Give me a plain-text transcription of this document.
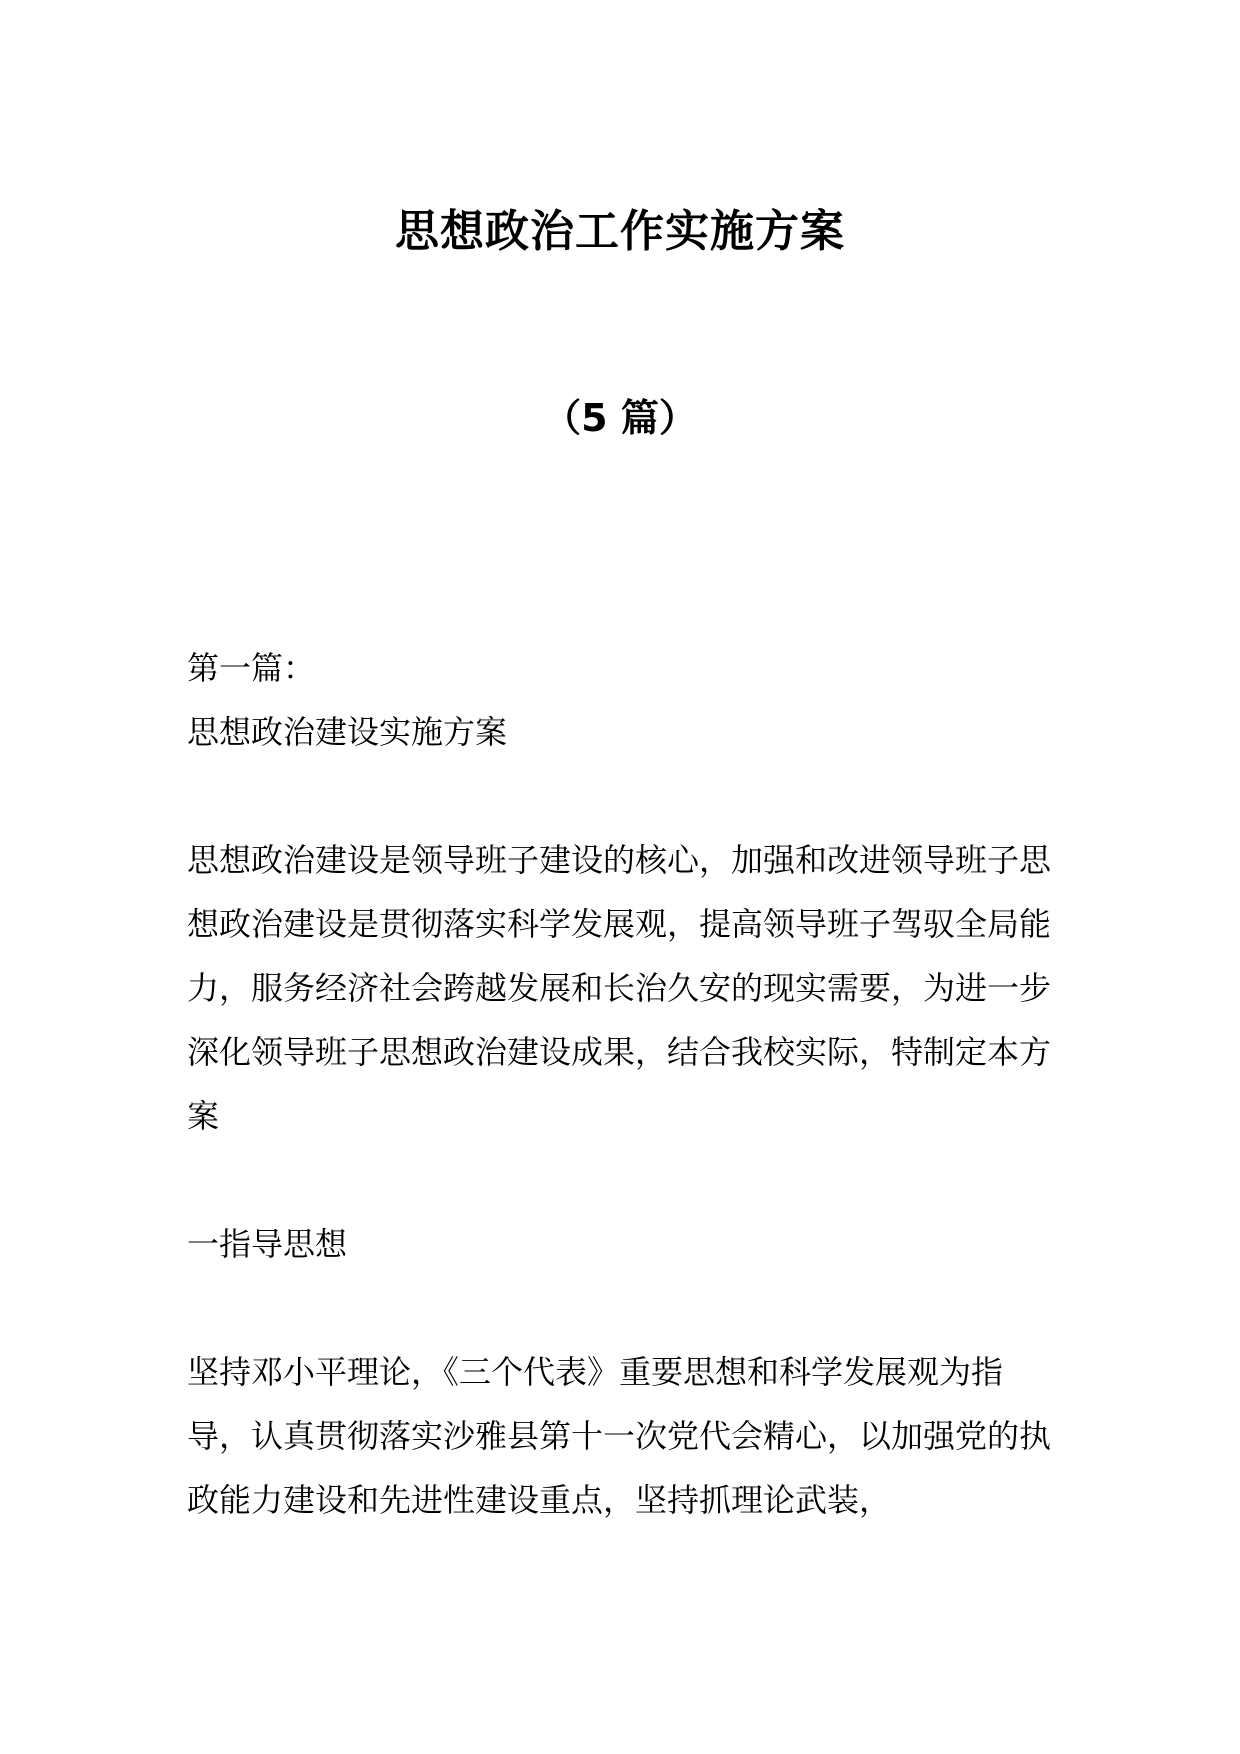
思想政治工作实施方案
（5 篇）
第一篇：
思想政治建设实施方案
思想政治建设是领导班子建设的核心，加强和改进领导班子思想政治建设是贯彻落实科学发展观，提高领导班子驾驭全局能力，服务经济社会跨越发展和长治久安的现实需要，为进一步深化领导班子思想政治建设成果，结合我校实际，特制定本方案
一指导思想
坚持邓小平理论，《三个代表》重要思想和科学发展观为指导，认真贯彻落实沙雅县第十一次党代会精心，以加强党的执政能力建设和先进性建设重点，坚持抓理论武装，
